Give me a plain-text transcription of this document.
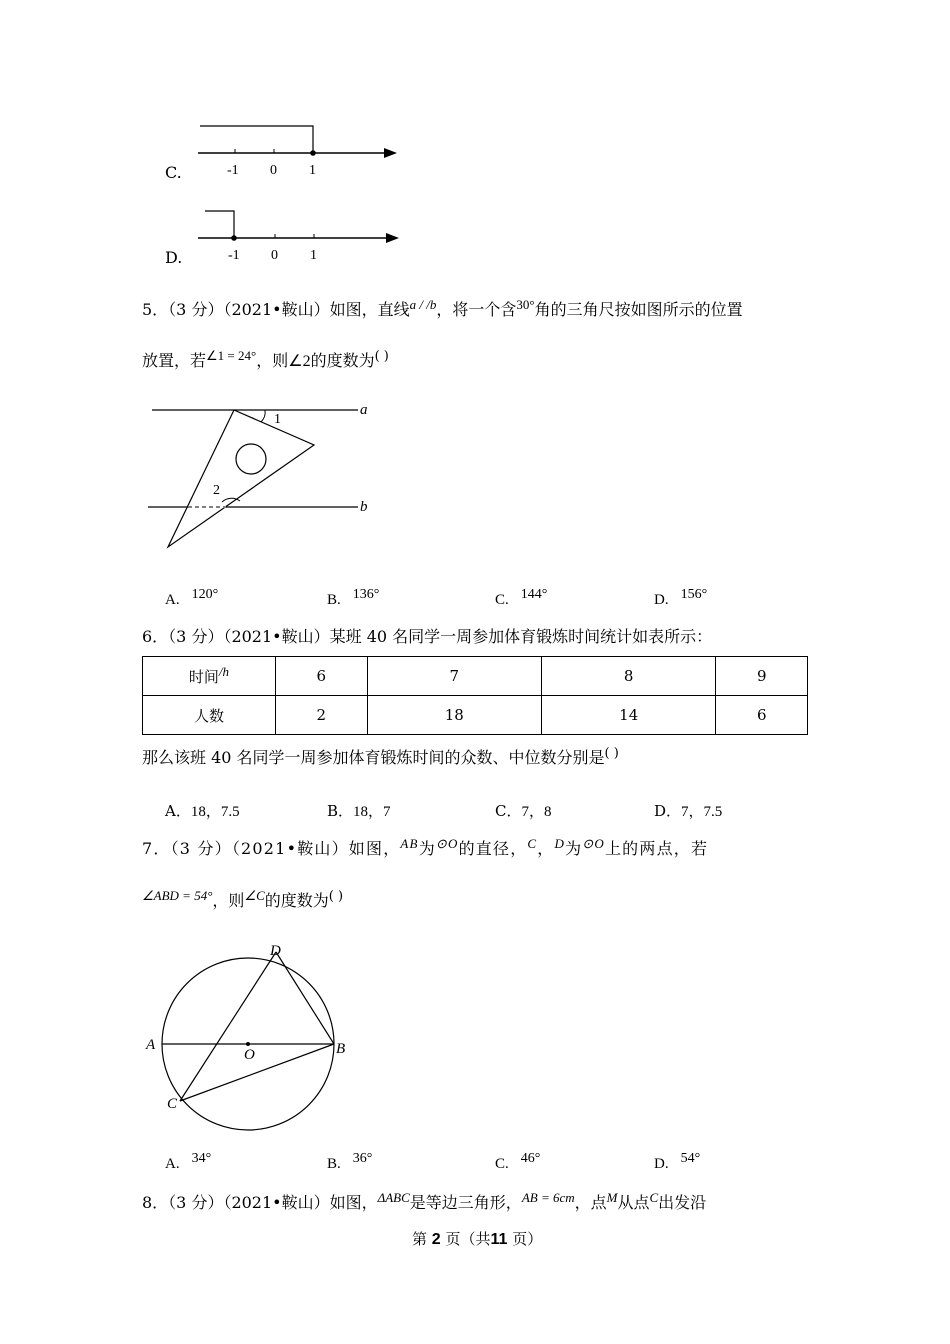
C.	-1 0 1
D.	-1 0 1
5．（3 分）（2021•鞍山）如图，直线$^{a / /b}$，将一个含$^{30^\circ}$角的三角尺按如图所示的位置
放置，若$^{\angle 1 = 24^\circ}$，则∠2的度数为( )
a
b
1
2
A. 120°	B. 136°	C. 144°	D. 156°
6．（3 分）（2021•鞍山）某班 40 名同学一周参加体育锻炼时间统计如表所示：
时间/h	6	7	8	9
人数	2	18	14	6
那么该班 40 名同学一周参加体育锻炼时间的众数、中位数分别是( )
A．18，7.5	B．18，7	C．7，8	D．7，7.5
7．（3 分）（2021•鞍山）如图，$^{AB}$为$^{⊙O}$的直径，$^C$，$^D$为$^{⊙O}$上的两点，若
$^{\angle ABD = 54^\circ}$，则$^{\angle C}$的度数为( )
A	B
C
D
O
A. 34°	B. 36°	C. 46°	D. 54°
8．（3 分）（2021•鞍山）如图，$^{\Delta ABC}$是等边三角形，$^{AB = 6cm}$，点$^M$从点$^C$出发沿
第 2 页（共11 页）
